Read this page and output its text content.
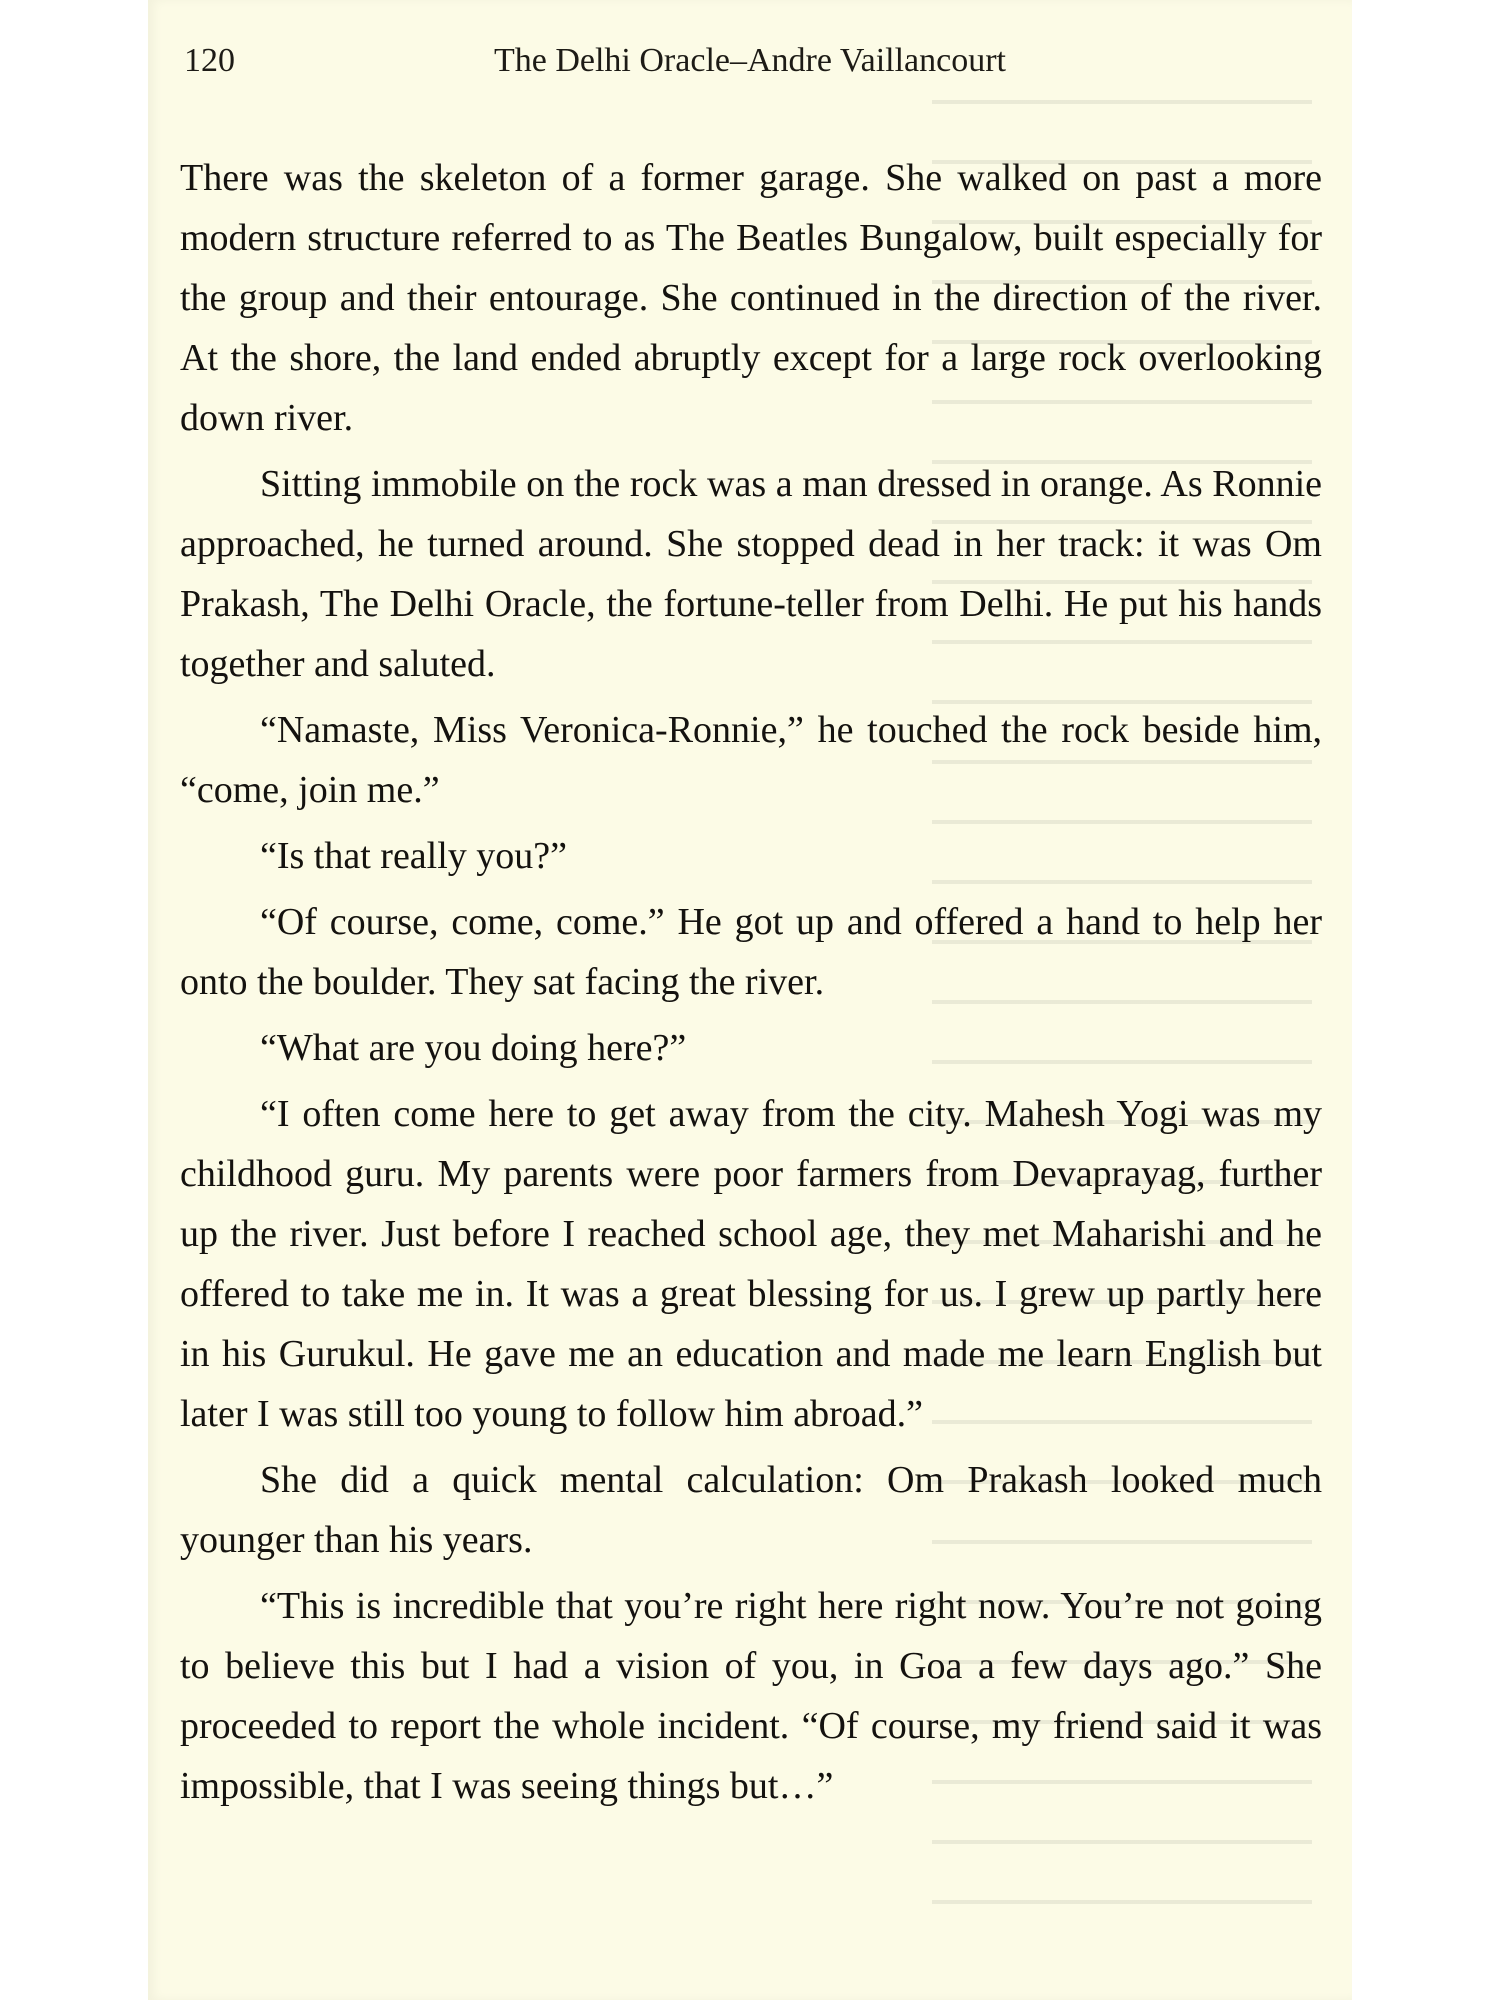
120	The Delhi Oracle–Andre Vaillancourt

There was the skeleton of a former garage. She walked on past a more modern structure referred to as The Beatles Bungalow, built especially for the group and their entourage. She continued in the direction of the river. At the shore, the land ended abruptly except for a large rock overlooking down river.

Sitting immobile on the rock was a man dressed in orange. As Ronnie approached, he turned around. She stopped dead in her track: it was Om Prakash, The Delhi Oracle, the fortune-teller from Delhi. He put his hands together and saluted.

“Namaste, Miss Veronica-Ronnie,” he touched the rock beside him, “come, join me.”

“Is that really you?”

“Of course, come, come.” He got up and offered a hand to help her onto the boulder. They sat facing the river.

“What are you doing here?”

“I often come here to get away from the city. Mahesh Yogi was my childhood guru. My parents were poor farmers from Devaprayag, further up the river. Just before I reached school age, they met Maharishi and he offered to take me in. It was a great blessing for us. I grew up partly here in his Gurukul. He gave me an education and made me learn English but later I was still too young to follow him abroad.”

She did a quick mental calculation: Om Prakash looked much younger than his years.

“This is incredible that you’re right here right now. You’re not going to believe this but I had a vision of you, in Goa a few days ago.” She proceeded to report the whole incident. “Of course, my friend said it was impossible, that I was seeing things but…”
